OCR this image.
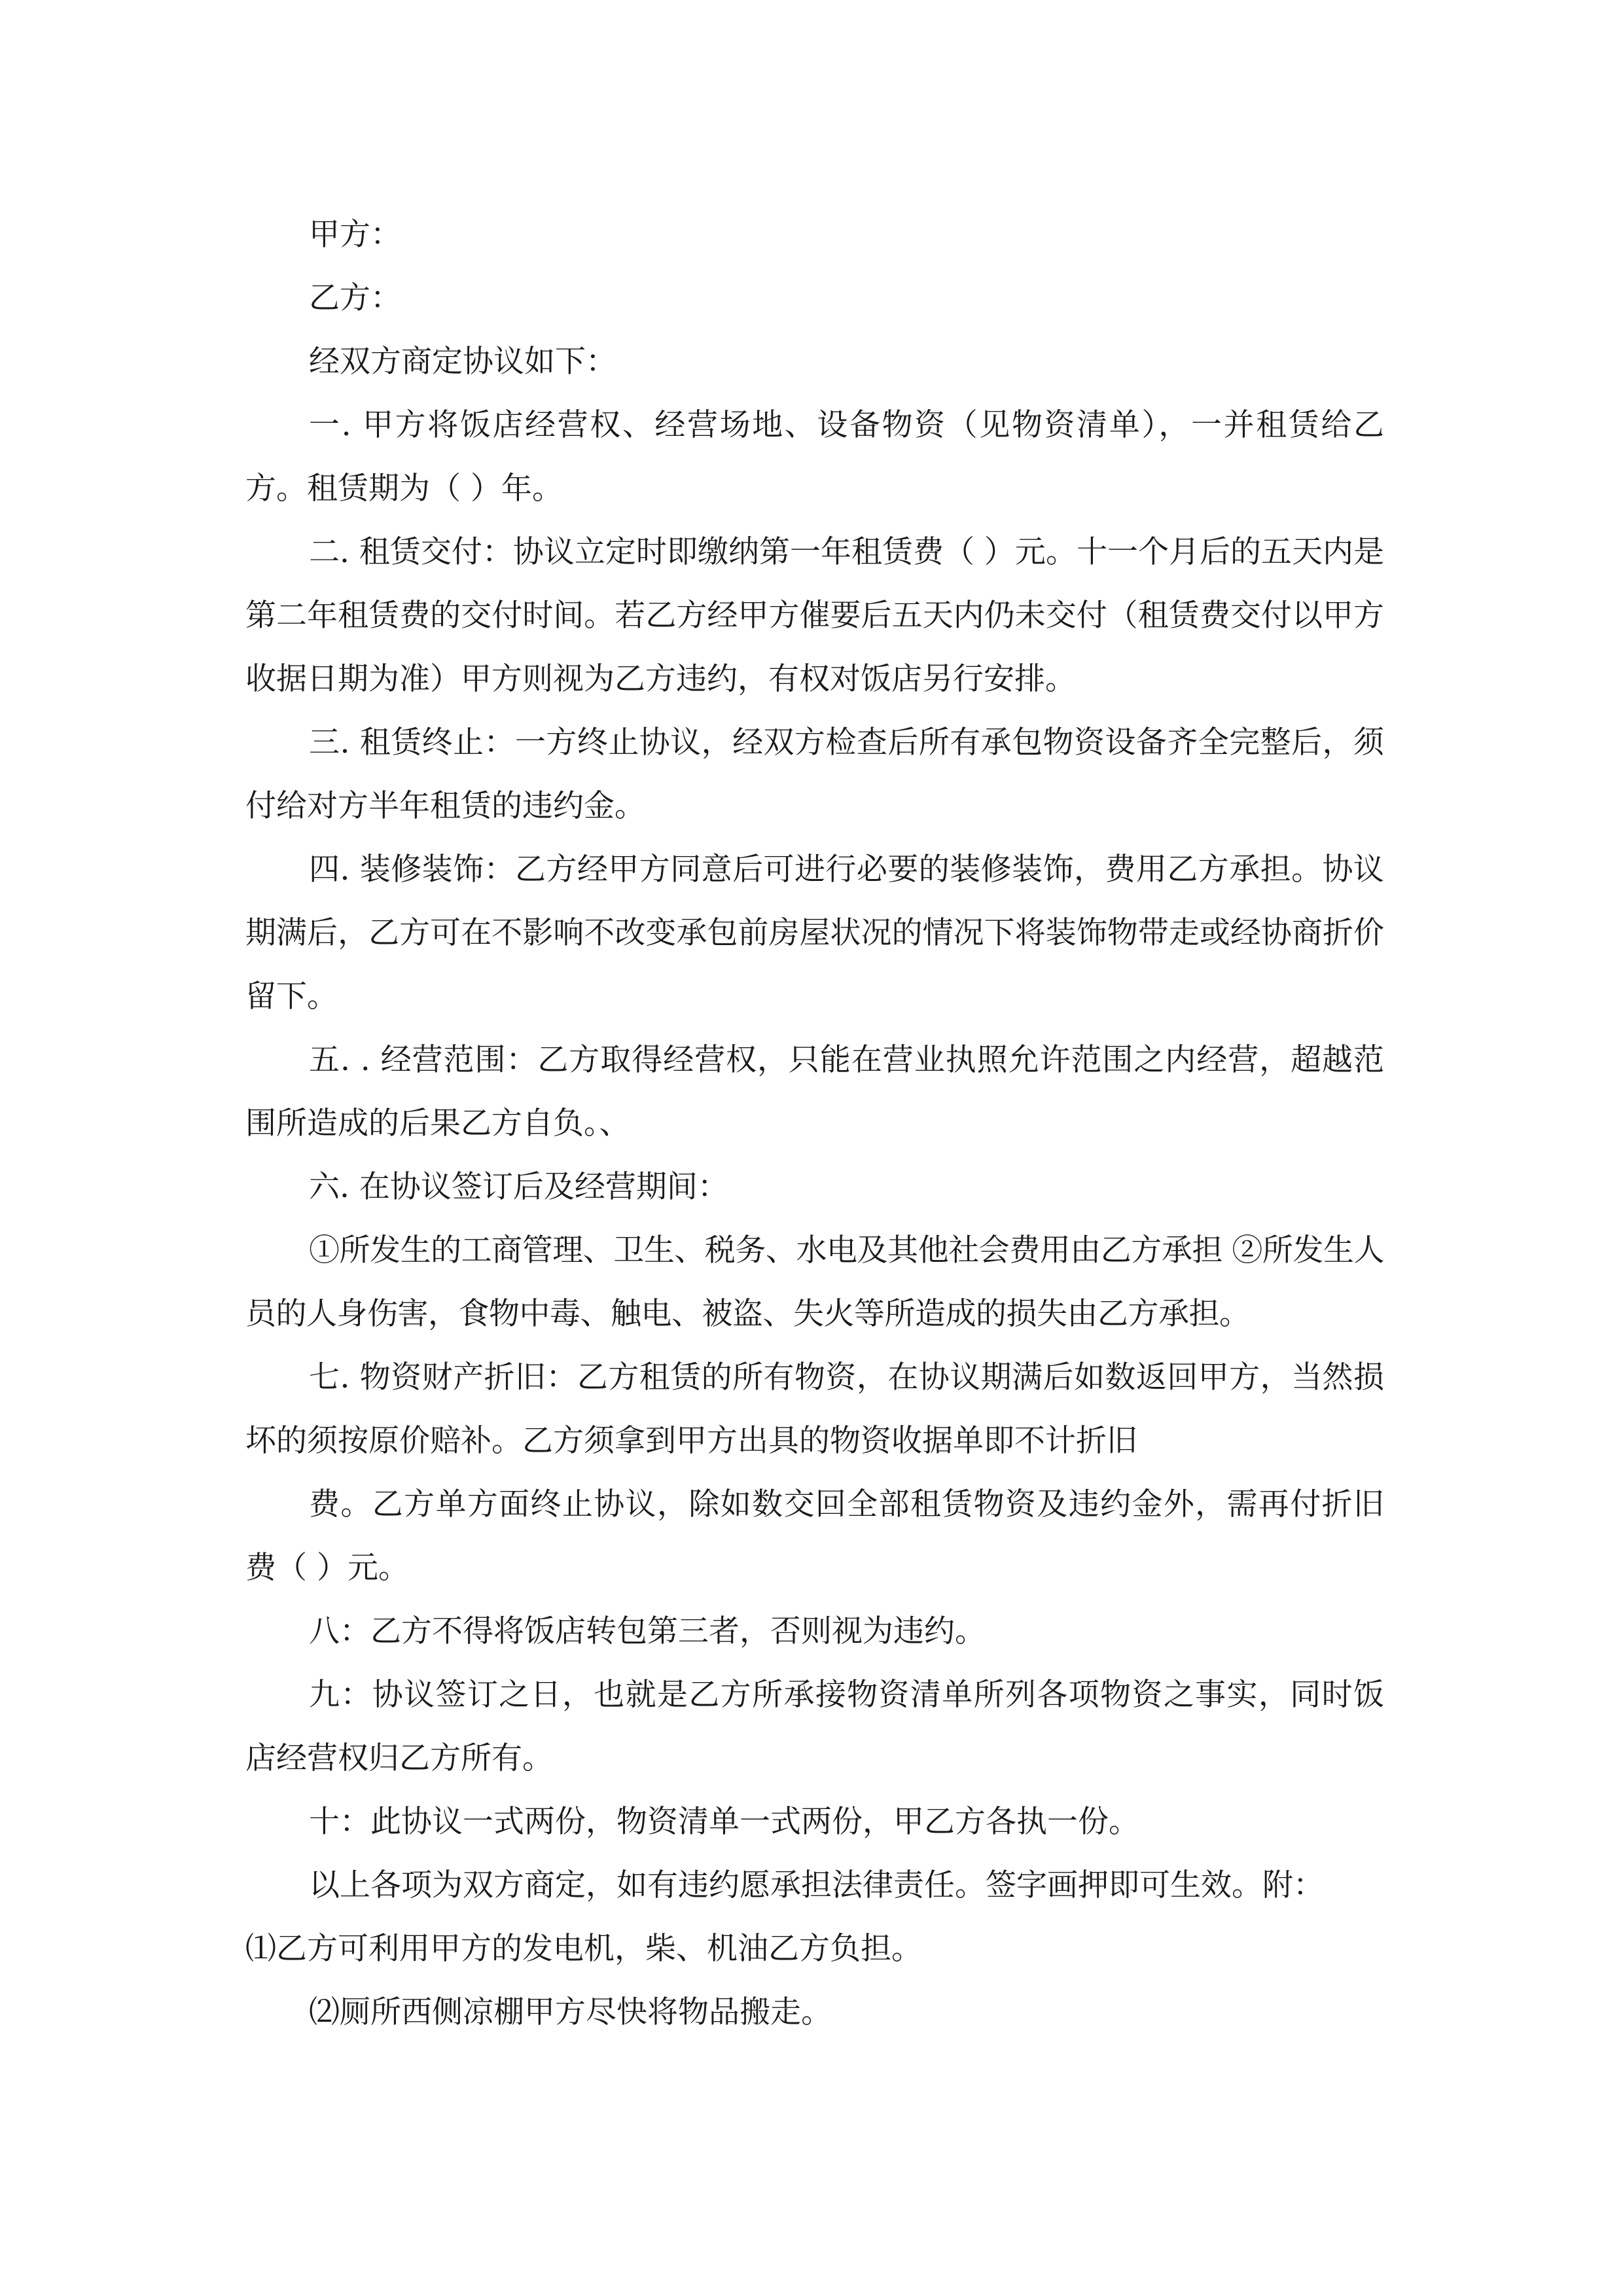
甲方：

乙方：

经双方商定协议如下：

一. 甲方将饭店经营权、经营场地、设备物资（见物资清单），一并租赁给乙方。租赁期为（ ）年。

二. 租赁交付：协议立定时即缴纳第一年租赁费（ ）元。十一个月后的五天内是第二年租赁费的交付时间。若乙方经甲方催要后五天内仍未交付（租赁费交付以甲方收据日期为准）甲方则视为乙方违约，有权对饭店另行安排。

三. 租赁终止：一方终止协议，经双方检查后所有承包物资设备齐全完整后，须付给对方半年租赁的违约金。

四. 装修装饰：乙方经甲方同意后可进行必要的装修装饰，费用乙方承担。协议期满后，乙方可在不影响不改变承包前房屋状况的情况下将装饰物带走或经协商折价留下。

五. . 经营范围：乙方取得经营权，只能在营业执照允许范围之内经营，超越范围所造成的后果乙方自负。、

六. 在协议签订后及经营期间：

①所发生的工商管理、卫生、税务、水电及其他社会费用由乙方承担 ②所发生人员的人身伤害，食物中毒、触电、被盗、失火等所造成的损失由乙方承担。

七. 物资财产折旧：乙方租赁的所有物资，在协议期满后如数返回甲方，当然损坏的须按原价赔补。乙方须拿到甲方出具的物资收据单即不计折旧

费。乙方单方面终止协议，除如数交回全部租赁物资及违约金外，需再付折旧费（ ）元。

八：乙方不得将饭店转包第三者，否则视为违约。

九：协议签订之日，也就是乙方所承接物资清单所列各项物资之事实，同时饭店经营权归乙方所有。

十：此协议一式两份，物资清单一式两份，甲乙方各执一份。

以上各项为双方商定，如有违约愿承担法律责任。签字画押即可生效。附：

⑴乙方可利用甲方的发电机，柴、机油乙方负担。

⑵厕所西侧凉棚甲方尽快将物品搬走。
